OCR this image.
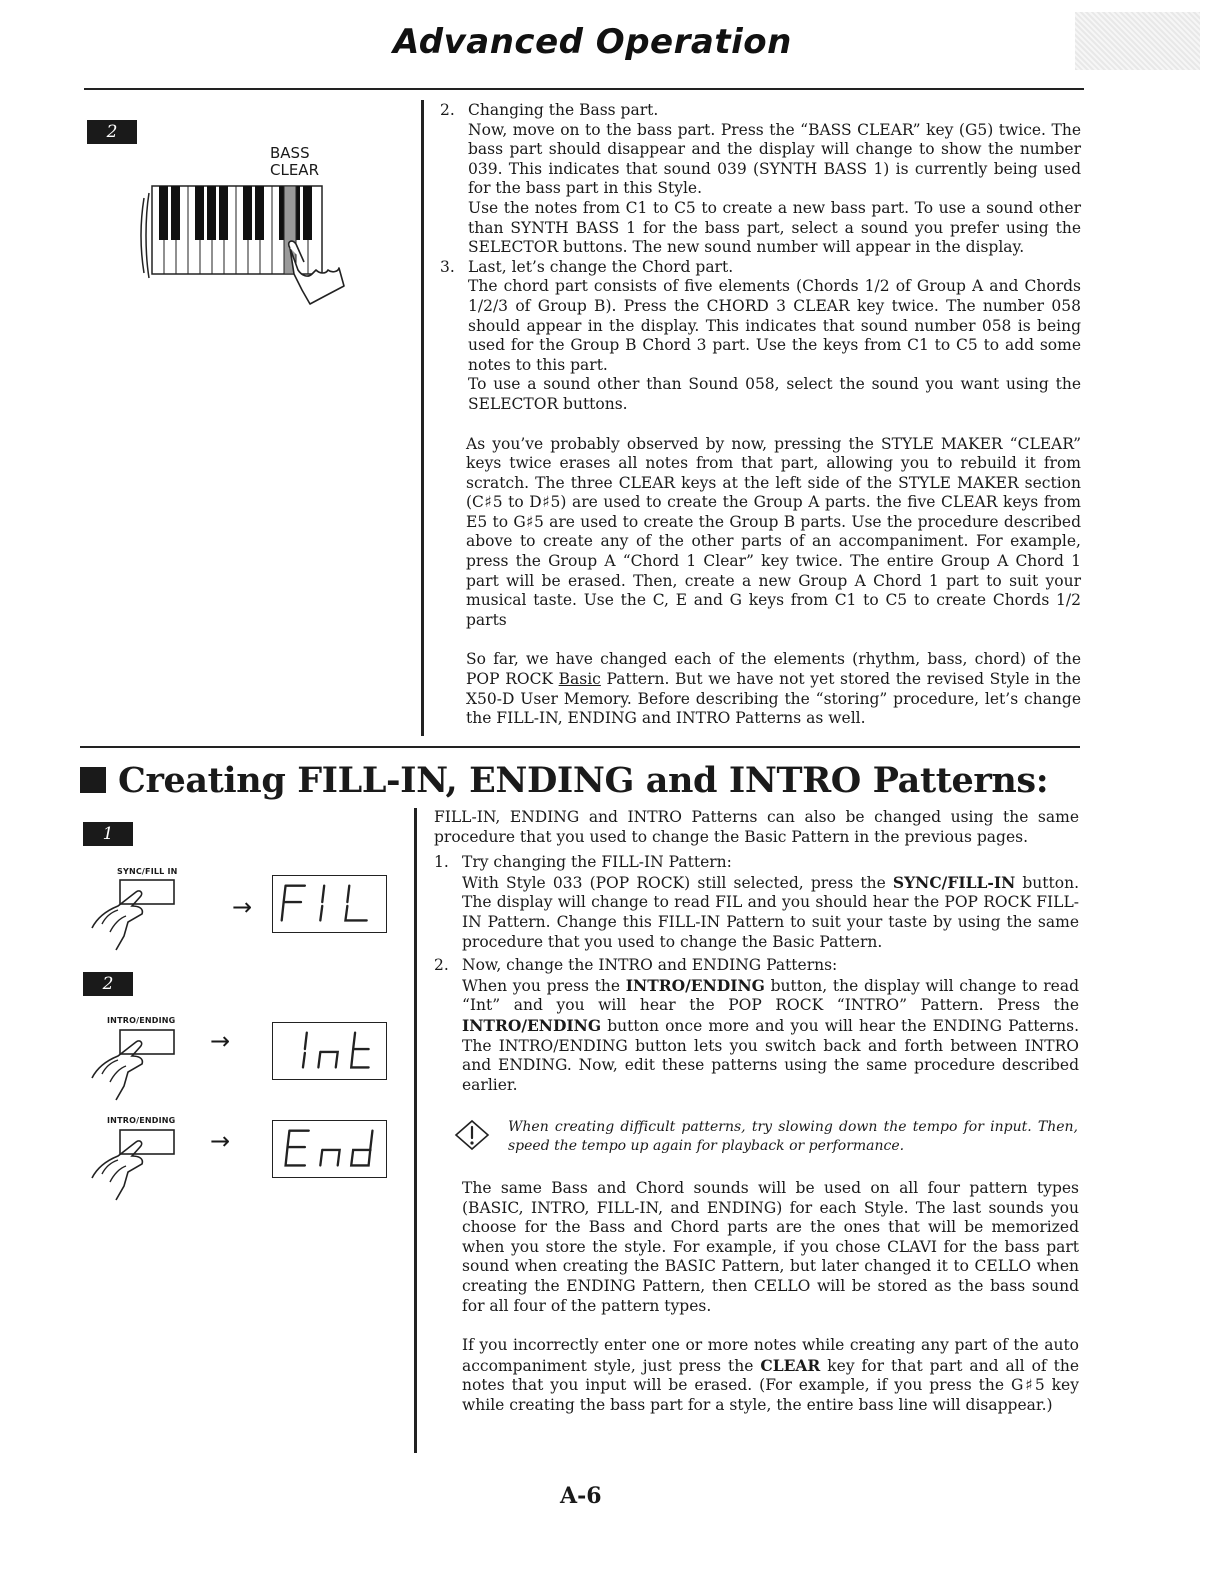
Advanced Operation
2
BASS
CLEAR
2. Changing the Bass part.

Now, move on to the bass part. Press the “BASS CLEAR” key (G5) twice. The bass part should disappear and the display will change to show the number 039. This indicates that sound 039 (SYNTH BASS 1) is currently being used for the bass part in this Style.

Use the notes from C1 to C5 to create a new bass part. To use a sound other than SYNTH BASS 1 for the bass part, select a sound you prefer using the SELECTOR buttons. The new sound number will appear in the display.

3. Last, let’s change the Chord part.

The chord part consists of five elements (Chords 1/2 of Group A and Chords 1/2/3 of Group B). Press the CHORD 3 CLEAR key twice. The number 058 should appear in the display. This indicates that sound number 058 is being used for the Group B Chord 3 part. Use the keys from C1 to C5 to add some notes to this part.

To use a sound other than Sound 058, select the sound you want using the SELECTOR buttons.

As you’ve probably observed by now, pressing the STYLE MAKER “CLEAR” keys twice erases all notes from that part, allowing you to rebuild it from scratch. The three CLEAR keys at the left side of the STYLE MAKER section (C♯5 to D♯5) are used to create the Group A parts. the five CLEAR keys from E5 to G♯5 are used to create the Group B parts. Use the procedure described above to create any of the other parts of an accompaniment. For example, press the Group A “Chord 1 Clear” key twice. The entire Group A Chord 1 part will be erased. Then, create a new Group A Chord 1 part to suit your musical taste. Use the C, E and G keys from C1 to C5 to create Chords 1/2 parts

So far, we have changed each of the elements (rhythm, bass, chord) of the POP ROCK Basic Pattern. But we have not yet stored the revised Style in the X50-D User Memory. Before describing the “storing” procedure, let’s change the FILL-IN, ENDING and INTRO Patterns as well.

Creating FILL-IN, ENDING and INTRO Patterns:
1
SYNC/FILL IN
→
2
INTRO/ENDING
→
INTRO/ENDING
→

FILL-IN, ENDING and INTRO Patterns can also be changed using the same procedure that you used to change the Basic Pattern in the previous pages.

1. Try changing the FILL-IN Pattern:

With Style 033 (POP ROCK) still selected, press the SYNC/FILL-IN button. The display will change to read FIL and you should hear the POP ROCK FILL-IN Pattern. Change this FILL-IN Pattern to suit your taste by using the same procedure that you used to change the Basic Pattern.

2. Now, change the INTRO and ENDING Patterns:

When you press the INTRO/ENDING button, the display will change to read “Int” and you will hear the POP ROCK “INTRO” Pattern. Press the INTRO/ENDING button once more and you will hear the ENDING Patterns. The INTRO/ENDING button lets you switch back and forth between INTRO and ENDING. Now, edit these patterns using the same procedure described earlier.

When creating difficult patterns, try slowing down the tempo for input. Then, speed the tempo up again for playback or performance.

The same Bass and Chord sounds will be used on all four pattern types (BASIC, INTRO, FILL-IN, and ENDING) for each Style. The last sounds you choose for the Bass and Chord parts are the ones that will be memorized when you store the style. For example, if you chose CLAVI for the bass part sound when creating the BASIC Pattern, but later changed it to CELLO when creating the ENDING Pattern, then CELLO will be stored as the bass sound for all four of the pattern types.

If you incorrectly enter one or more notes while creating any part of the auto accompaniment style, just press the CLEAR key for that part and all of the notes that you input will be erased. (For example, if you press the G♯5 key while creating the bass part for a style, the entire bass line will disappear.)

A-6
